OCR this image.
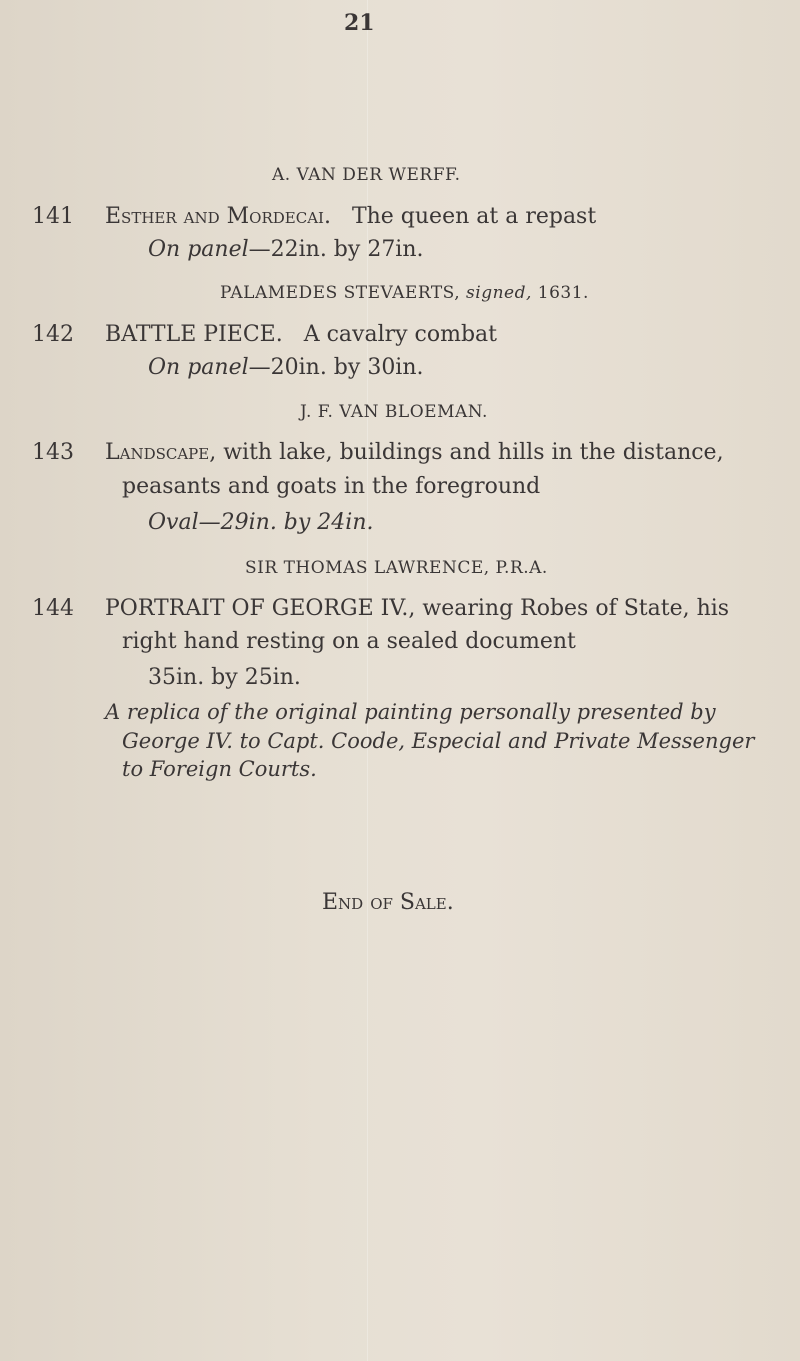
21
A. VAN DER WERFF.
141 Esther and Mordecai. The queen at a repast
On panel—22in. by 27in.
PALAMEDES STEVAERTS, signed, 1631.
142 BATTLE PIECE. A cavalry combat
On panel—20in. by 30in.
J. F. VAN BLOEMAN.
143 Landscape, with lake, buildings and hills in the distance,
peasants and goats in the foreground
Oval—29in. by 24in.
SIR THOMAS LAWRENCE, P.R.A.
144 PORTRAIT OF GEORGE IV., wearing Robes of State, his
right hand resting on a sealed document
35in. by 25in.
A replica of the original painting personally presented by
George IV. to Capt. Coode, Especial and Private Messenger
to Foreign Courts.
End of Sale.
